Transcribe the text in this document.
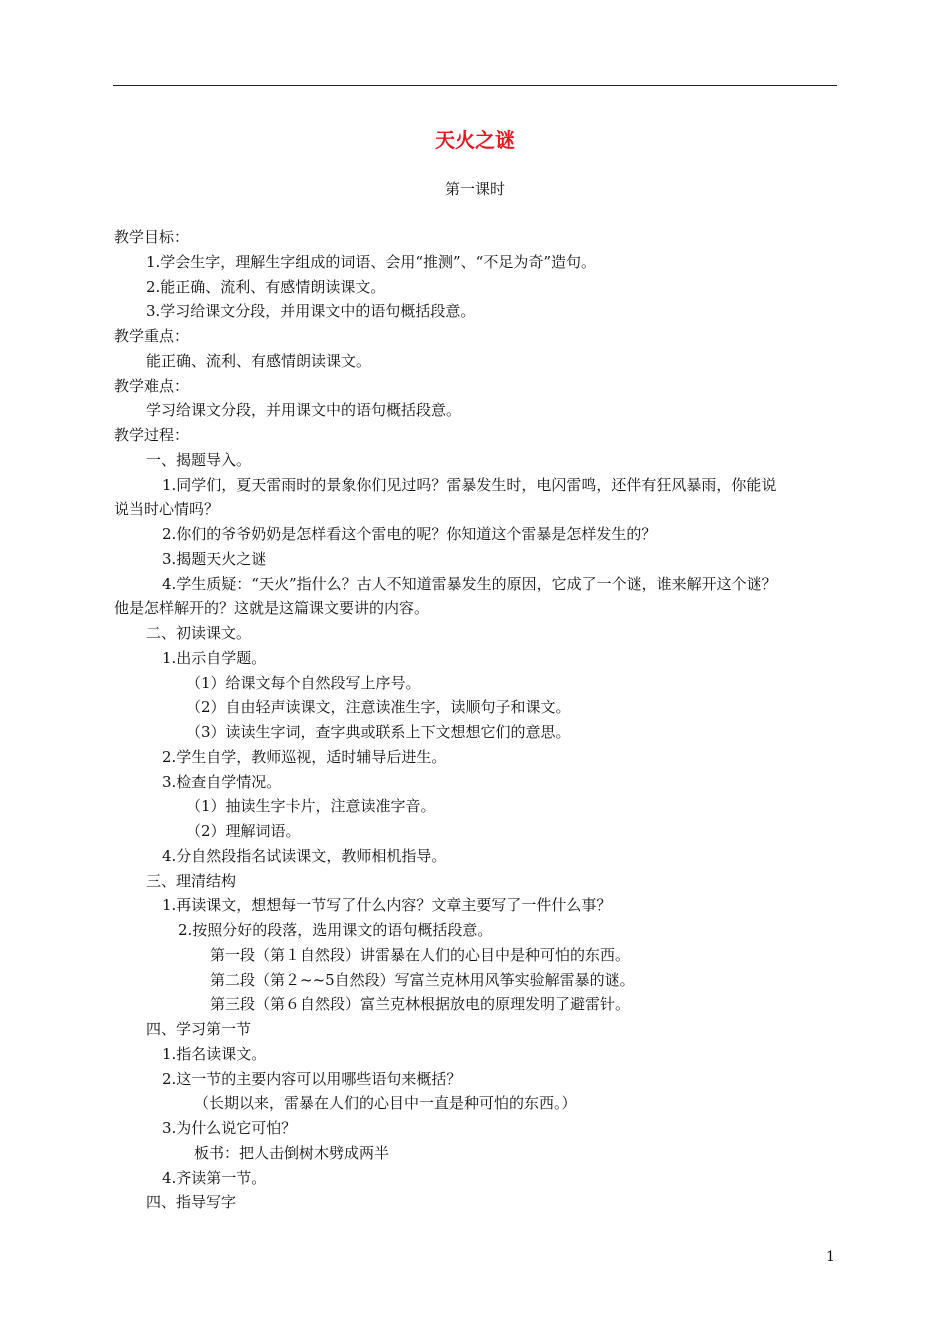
天火之谜
第一课时
教学目标：
1.学会生字，理解生字组成的词语、会用“推测”、“不足为奇”造句。
2.能正确、流利、有感情朗读课文。
3.学习给课文分段，并用课文中的语句概括段意。
教学重点：
能正确、流利、有感情朗读课文。
教学难点：
学习给课文分段，并用课文中的语句概括段意。
教学过程：
一、揭题导入。
1.同学们，夏天雷雨时的景象你们见过吗？雷暴发生时，电闪雷鸣，还伴有狂风暴雨，你能说
说当时心情吗？
2.你们的爷爷奶奶是怎样看这个雷电的呢？你知道这个雷暴是怎样发生的？
3.揭题天火之谜
4.学生质疑：“天火”指什么？古人不知道雷暴发生的原因，它成了一个谜，谁来解开这个谜？
他是怎样解开的？这就是这篇课文要讲的内容。
二、初读课文。
1.出示自学题。
（1）给课文每个自然段写上序号。
（2）自由轻声读课文，注意读准生字，读顺句子和课文。
（3）读读生字词，查字典或联系上下文想想它们的意思。
2.学生自学，教师巡视，适时辅导后进生。
3.检查自学情况。
（1）抽读生字卡片，注意读准字音。
（2）理解词语。
4.分自然段指名试读课文，教师相机指导。
三、理清结构
1.再读课文，想想每一节写了什么内容？文章主要写了一件什么事？
2.按照分好的段落，选用课文的语句概括段意。
第一段（第１自然段）讲雷暴在人们的心目中是种可怕的东西。
第二段（第２~~5自然段）写富兰克林用风筝实验解雷暴的谜。
第三段（第６自然段）富兰克林根据放电的原理发明了避雷针。
四、学习第一节
1.指名读课文。
2.这一节的主要内容可以用哪些语句来概括？
（长期以来，雷暴在人们的心目中一直是种可怕的东西。）
3.为什么说它可怕？
板书：把人击倒树木劈成两半
4.齐读第一节。
四、指导写字
1
